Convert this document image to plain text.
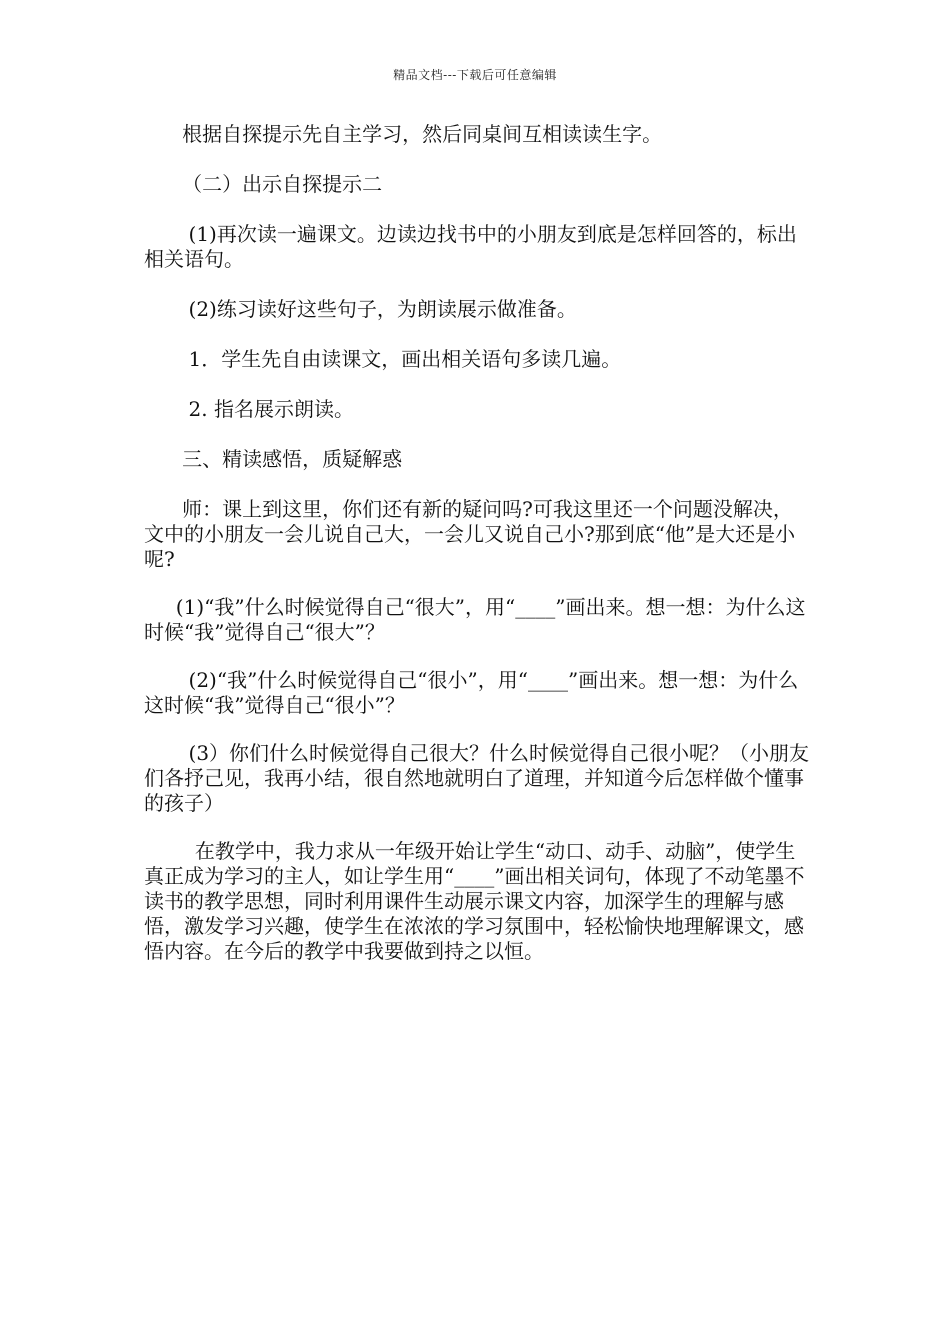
精品文档---下载后可任意编辑

根据自探提示先自主学习，然后同桌间互相读读生字。

（二）出示自探提示二

(1)再次读一遍课文。边读边找书中的小朋友到底是怎样回答的，标出相关语句。

(2)练习读好这些句子，为朗读展示做准备。

1．学生先自由读课文，画出相关语句多读几遍。

2. 指名展示朗读。

三、精读感悟，质疑解惑

师：课上到这里，你们还有新的疑问吗?可我这里还一个问题没解决，文中的小朋友一会儿说自己大，一会儿又说自己小?那到底“他”是大还是小呢?

(1)“我”什么时候觉得自己“很大”，用“____”画出来。想一想：为什么这时候“我”觉得自己“很大”？

(2)“我”什么时候觉得自己“很小”，用“____”画出来。想一想：为什么这时候“我”觉得自己“很小”？

(3）你们什么时候觉得自己很大？什么时候觉得自己很小呢？（小朋友们各抒己见，我再小结，很自然地就明白了道理，并知道今后怎样做个懂事的孩子）

在教学中，我力求从一年级开始让学生“动口、动手、动脑”，使学生真正成为学习的主人，如让学生用“____”画出相关词句，体现了不动笔墨不读书的教学思想，同时利用课件生动展示课文内容，加深学生的理解与感悟，激发学习兴趣，使学生在浓浓的学习氛围中，轻松愉快地理解课文，感悟内容。在今后的教学中我要做到持之以恒。
